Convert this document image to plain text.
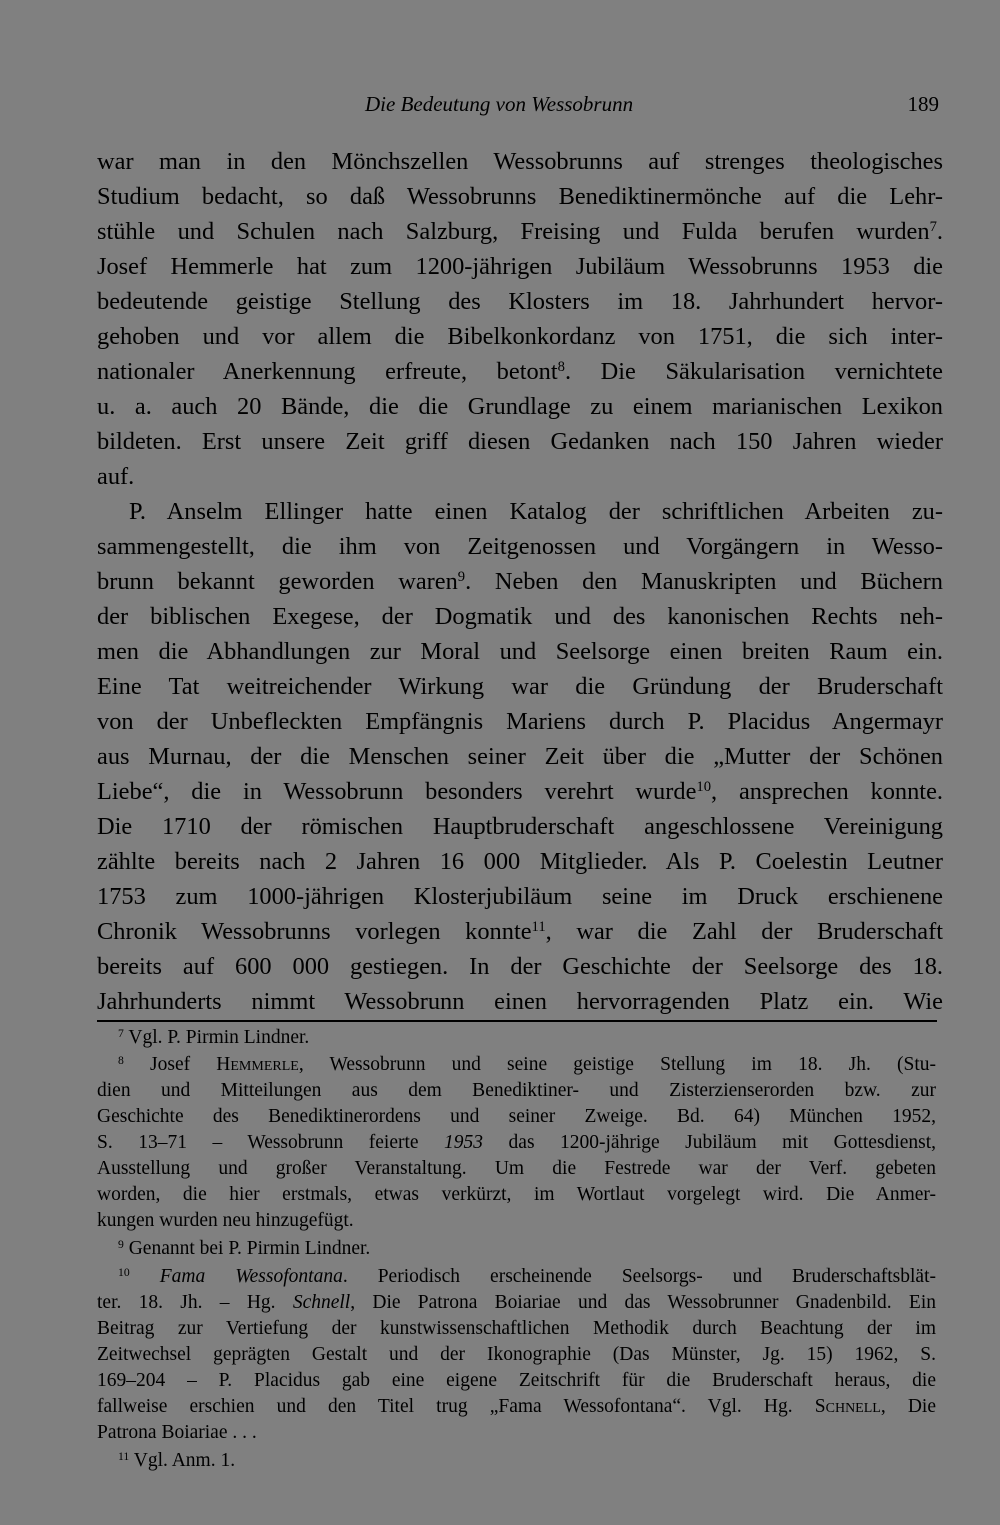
Die Bedeutung von Wessobrunn	189
war man in den Mönchszellen Wessobrunns auf strenges theologisches
Studium bedacht, so daß Wessobrunns Benediktinermönche auf die Lehr-
stühle und Schulen nach Salzburg, Freising und Fulda berufen wurden$^7$.
Josef Hemmerle hat zum 1200-jährigen Jubiläum Wessobrunns 1953 die
bedeutende geistige Stellung des Klosters im 18. Jahrhundert hervor-
gehoben und vor allem die Bibelkonkordanz von 1751, die sich inter-
nationaler Anerkennung erfreute, betont$^8$. Die Säkularisation vernichtete
u. a. auch 20 Bände, die die Grundlage zu einem marianischen Lexikon
bildeten. Erst unsere Zeit griff diesen Gedanken nach 150 Jahren wieder
auf.
P. Anselm Ellinger hatte einen Katalog der schriftlichen Arbeiten zu-
sammengestellt, die ihm von Zeitgenossen und Vorgängern in Wesso-
brunn bekannt geworden waren$^9$. Neben den Manuskripten und Büchern
der biblischen Exegese, der Dogmatik und des kanonischen Rechts neh-
men die Abhandlungen zur Moral und Seelsorge einen breiten Raum ein.
Eine Tat weitreichender Wirkung war die Gründung der Bruderschaft
von der Unbefleckten Empfängnis Mariens durch P. Placidus Angermayr
aus Murnau, der die Menschen seiner Zeit über die „Mutter der Schönen
Liebe“, die in Wessobrunn besonders verehrt wurde$^{10}$, ansprechen konnte.
Die 1710 der römischen Hauptbruderschaft angeschlossene Vereinigung
zählte bereits nach 2 Jahren 16 000 Mitglieder. Als P. Coelestin Leutner
1753 zum 1000-jährigen Klosterjubiläum seine im Druck erschienene
Chronik Wessobrunns vorlegen konnte$^{11}$, war die Zahl der Bruderschaft
bereits auf 600 000 gestiegen. In der Geschichte der Seelsorge des 18.
Jahrhunderts nimmt Wessobrunn einen hervorragenden Platz ein. Wie
$^7$ Vgl. P. Pirmin Lindner.
$^8$ Josef Hemmerle, Wessobrunn und seine geistige Stellung im 18. Jh. (Stu-
dien und Mitteilungen aus dem Benediktiner- und Zisterzienserorden bzw. zur
Geschichte des Benediktinerordens und seiner Zweige. Bd. 64) München 1952,
S. 13–71 – Wessobrunn feierte 1953 das 1200-jährige Jubiläum mit Gottesdienst,
Ausstellung und großer Veranstaltung. Um die Festrede war der Verf. gebeten
worden, die hier erstmals, etwas verkürzt, im Wortlaut vorgelegt wird. Die Anmer-
kungen wurden neu hinzugefügt.
$^9$ Genannt bei P. Pirmin Lindner.
$^{10}$ Fama Wessofontana. Periodisch erscheinende Seelsorgs- und Bruderschaftsblät-
ter. 18. Jh. – Hg. Schnell, Die Patrona Boiariae und das Wessobrunner Gnadenbild. Ein
Beitrag zur Vertiefung der kunstwissenschaftlichen Methodik durch Beachtung der im
Zeitwechsel geprägten Gestalt und der Ikonographie (Das Münster, Jg. 15) 1962, S.
169–204 – P. Placidus gab eine eigene Zeitschrift für die Bruderschaft heraus, die
fallweise erschien und den Titel trug „Fama Wessofontana“. Vgl. Hg. Schnell, Die
Patrona Boiariae . . .
$^{11}$ Vgl. Anm. 1.
